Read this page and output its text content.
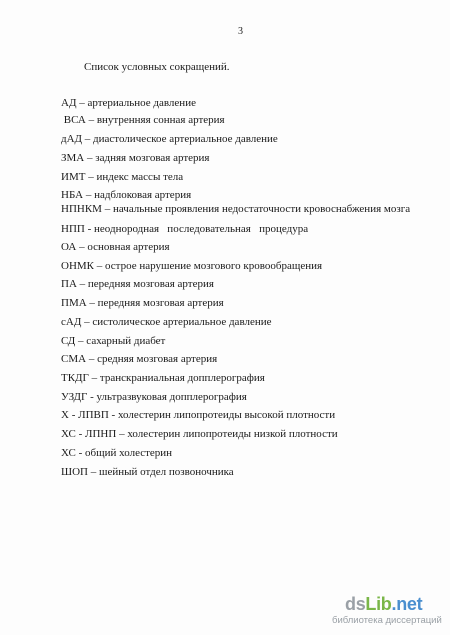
3
Список условных сокращений.
АД – артериальное давление
ВСА – внутренняя сонная артерия
дАД – диастолическое артериальное давление
ЗМА – задняя мозговая артерия
ИМТ – индекс массы тела
НБА – надблоковая артерия
НПНКМ – начальные проявления недостаточности кровоснабжения мозга
НПП - неоднородная   последовательная   процедура
ОА – основная артерия
ОНМК – острое нарушение мозгового кровообращения
ПА – передняя мозговая артерия
ПМА – передняя мозговая артерия
сАД – систолическое артериальное давление
СД – сахарный диабет
СМА – средняя мозговая артерия
ТКДГ – транскраниальная допплерография
УЗДГ - ультразвуковая допплерография
Х - ЛПВП - холестерин липопротеиды высокой плотности
ХС - ЛПНП – холестерин липопротеиды низкой плотности
ХС - общий холестерин
ШОП – шейный отдел позвоночника
dsLib.net
библиотека диссертаций
